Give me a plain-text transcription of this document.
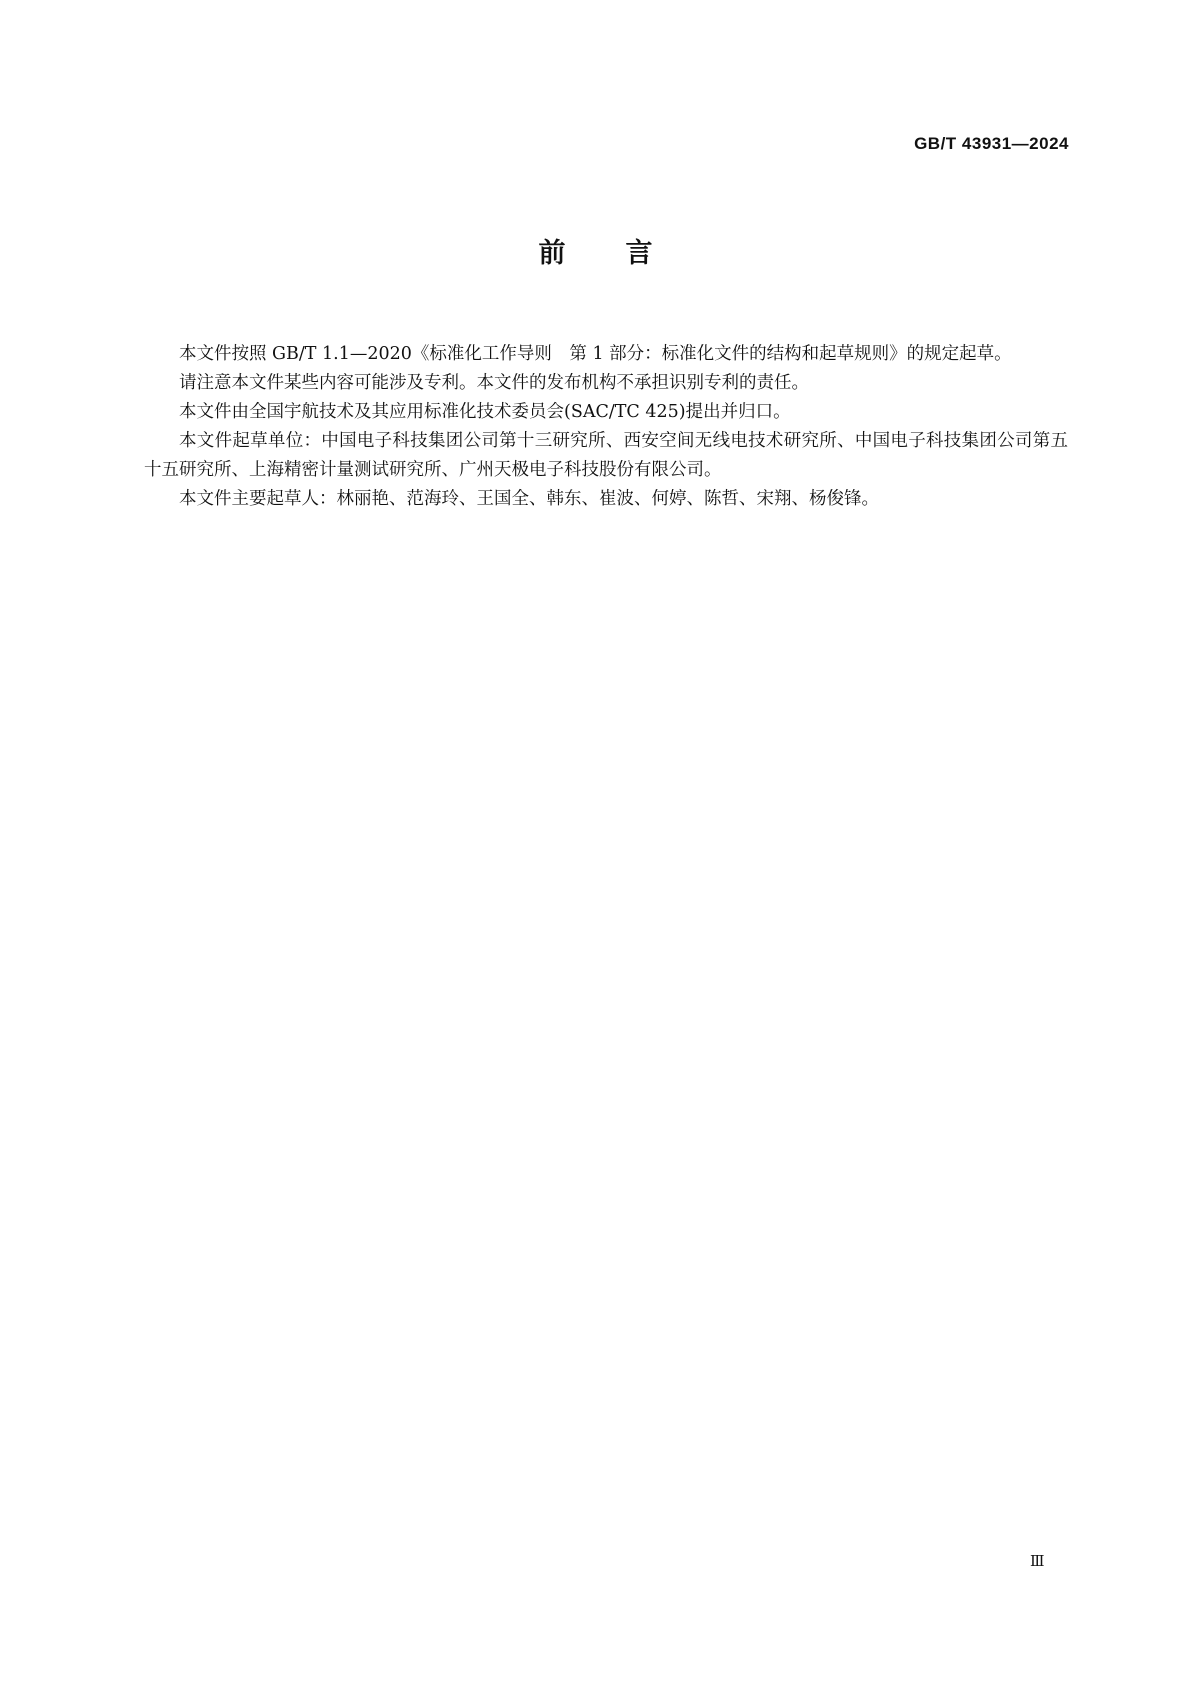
GB/T 43931—2024
前言

本文件按照 GB/T 1.1—2020《标准化工作导则　第 1 部分：标准化文件的结构和起草规则》的规定起草。

请注意本文件某些内容可能涉及专利。本文件的发布机构不承担识别专利的责任。

本文件由全国宇航技术及其应用标准化技术委员会(SAC/TC 425)提出并归口。

本文件起草单位：中国电子科技集团公司第十三研究所、西安空间无线电技术研究所、中国电子科技集团公司第五十五研究所、上海精密计量测试研究所、广州天极电子科技股份有限公司。

本文件主要起草人：林丽艳、范海玲、王国全、韩东、崔波、何婷、陈哲、宋翔、杨俊锋。

Ⅲ
